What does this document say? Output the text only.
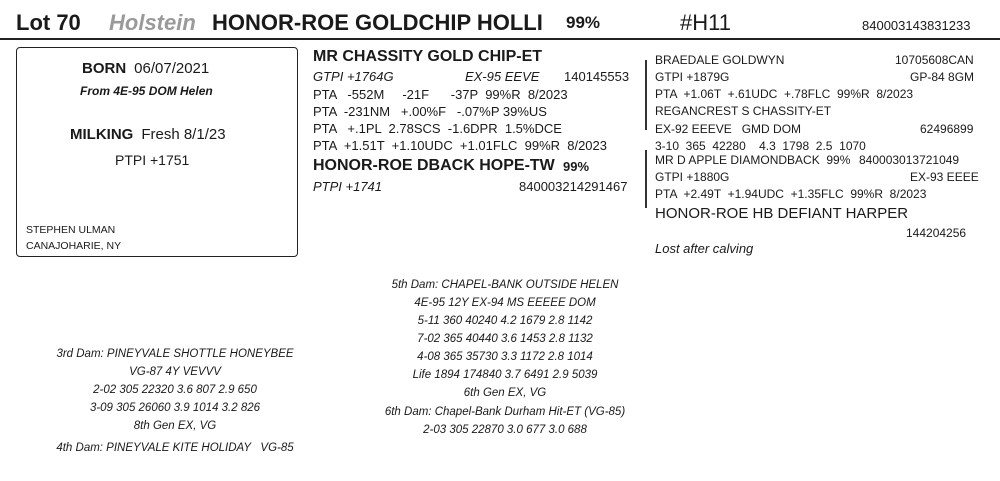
Lot 70 Holstein HONOR-ROE GOLDCHIP HOLLI 99%	#H11	840003143831233
BORN 06/07/2021
From 4E-95 DOM Helen
MILKING Fresh 8/1/23
PTPI +1751
STEPHEN ULMAN
CANAJOHARIE, NY
MR CHASSITY GOLD CHIP-ET
GTPI +1764G	EX-95 EEVE 140145553
PTA   -552M     -21F      -37P  99%R  8/2023
PTA  -231NM   +.00%F   -.07%P 39%US
PTA   +.1PL  2.78SCS  -1.6DPR  1.5%DCE
PTA  +1.51T  +1.10UDC  +1.01FLC  99%R  8/2023
HONOR-ROE DBACK HOPE-TW 99%
PTPI +1741	840003214291467
BRAEDALE GOLDWYN	10705608CAN
GTPI +1879G	GP-84 8GM
PTA  +1.06T  +.61UDC  +.78FLC  99%R  8/2023
REGANCREST S CHASSITY-ET
EX-92 EEEVE   GMD DOM	62496899
3-10  365  42280    4.3  1798  2.5  1070
MR D APPLE DIAMONDBACK 99% 840003013721049
GTPI +1880G	EX-93 EEEE
PTA  +2.49T  +1.94UDC  +1.35FLC  99%R  8/2023
HONOR-ROE HB DEFIANT HARPER
144204256
Lost after calving
5th Dam: CHAPEL-BANK OUTSIDE HELEN
4E-95 12Y EX-94 MS EEEEE DOM
5-11 360 40240 4.2 1679 2.8 1142
7-02 365 40440 3.6 1453 2.8 1132
4-08 365 35730 3.3 1172 2.8 1014
Life 1894 174840 3.7 6491 2.9 5039
6th Gen EX, VG
6th Dam: Chapel-Bank Durham Hit-ET (VG-85)
2-03 305 22870 3.0 677 3.0 688
3rd Dam: PINEYVALE SHOTTLE HONEYBEE
VG-87 4Y VEVVV
2-02 305 22320 3.6 807 2.9 650
3-09 305 26060 3.9 1014 3.2 826
8th Gen EX, VG
4th Dam: PINEYVALE KITE HOLIDAY   VG-85
